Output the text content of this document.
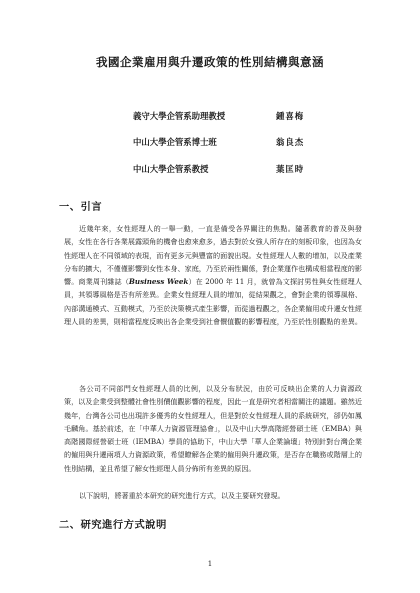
我國企業雇用與升遷政策的性別結構與意涵
義守大學企管系助理教授	鍾喜梅
中山大學企管系博士班	翁良杰
中山大學企管系教授	葉匡時
一、引言

近幾年來，女性經理人的一舉一動，一直是備受各界關注的焦點。隨著教育的普及與發展，女性在各行各業展露頭角的機會也愈來愈多，過去對於女強人所存在的刻板印象，也因為女性經理人在不同領域的表現，而有更多元與豐富的面貌出現。女性經理人人數的增加，以及產業分布的擴大，不僅僅影響到女性本身、家庭，乃至於兩性關係，對企業運作也構成相當程度的影響。商業周刊雜誌（Business Week）在 2000 年 11 月，就曾為文探討男性與女性經理人員，其領導風格是否有所差異。企業女性經理人員的增加，從結果觀之，會對企業的領導風格、內部溝通模式、互動模式，乃至於決策模式產生影響，而從過程觀之，各企業僱用或升遷女性經理人員的差異，則相當程度反映出各企業受到社會價值觀的影響程度，乃至於性別觀點的差異。

各公司不同部門女性經理人員的比例，以及分布狀況，由於可反映出企業的人力資源政策，以及企業受到整體社會性別價值觀影響的程度，因此一直是研究者相當關注的議題。雖然近幾年，台灣各公司也出現許多優秀的女性經理人，但是對於女性經理人員的系統研究，卻仍如鳳毛麟角。基於前述，在「中華人力資源管理協會」，以及中山大學高階經營碩士班（EMBA）與高階國際經營碩士班（IEMBA）學員的協助下，中山大學「華人企業論壇」特別針對台灣企業的僱用與升遷兩項人力資源政策，希望瞭解各企業的僱用與升遷政策，是否存在職務或階層上的性別結構，並且希望了解女性經理人員分佈所有差異的原因。

以下說明，將著重於本研究的研究進行方式，以及主要研究發現。

二、研究進行方式說明
1
